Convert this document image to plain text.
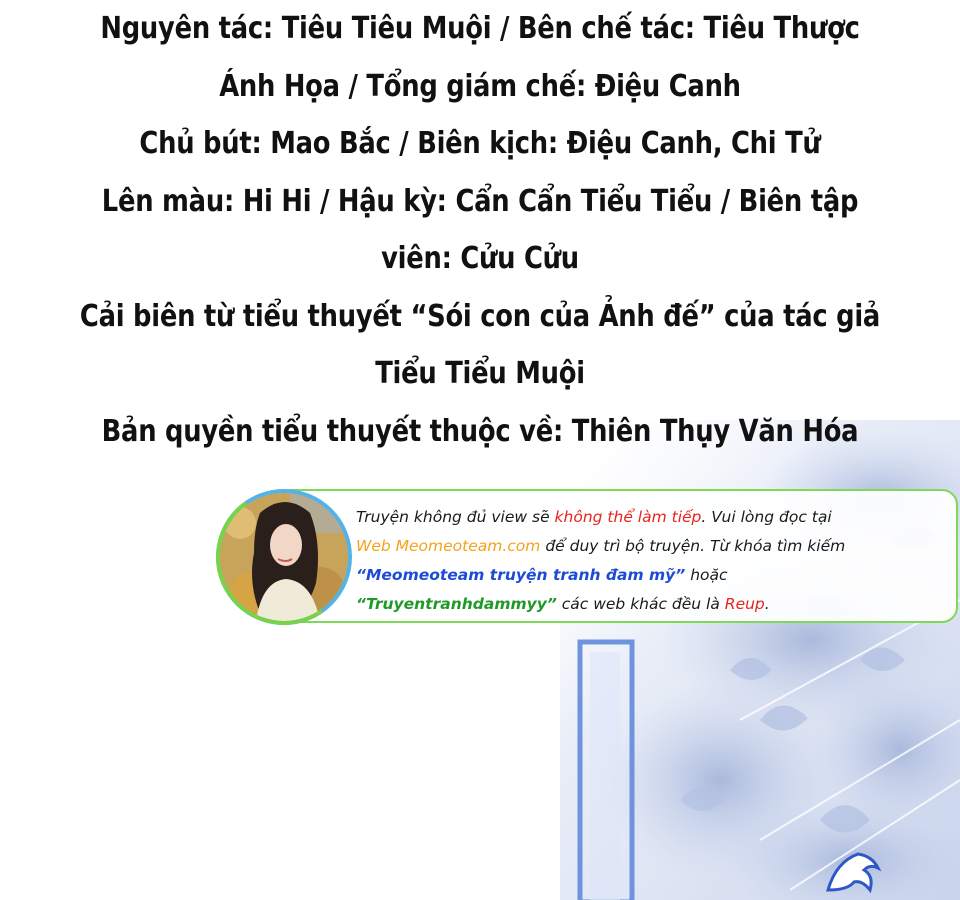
Nguyên tác: Tiêu Tiêu Muội / Bên chế tác: Tiêu Thược
Ánh Họa / Tổng giám chế: Điệu Canh
Chủ bút: Mao Bắc / Biên kịch: Điệu Canh, Chi Tử
Lên màu: Hi Hi / Hậu kỳ: Cẩn Cẩn Tiểu Tiểu / Biên tập
viên: Cửu Cửu
Cải biên từ tiểu thuyết “Sói con của Ảnh đế” của tác giả
Tiểu Tiểu Muội
Bản quyền tiểu thuyết thuộc về: Thiên Thụy Văn Hóa
Truyện không đủ view sẽ không thể làm tiếp. Vui lòng đọc tại
Web Meomeoteam.com để duy trì bộ truyện. Từ khóa tìm kiếm
“Meomeoteam truyện tranh đam mỹ” hoặc
“Truyentranhdammyy” các web khác đều là Reup.
